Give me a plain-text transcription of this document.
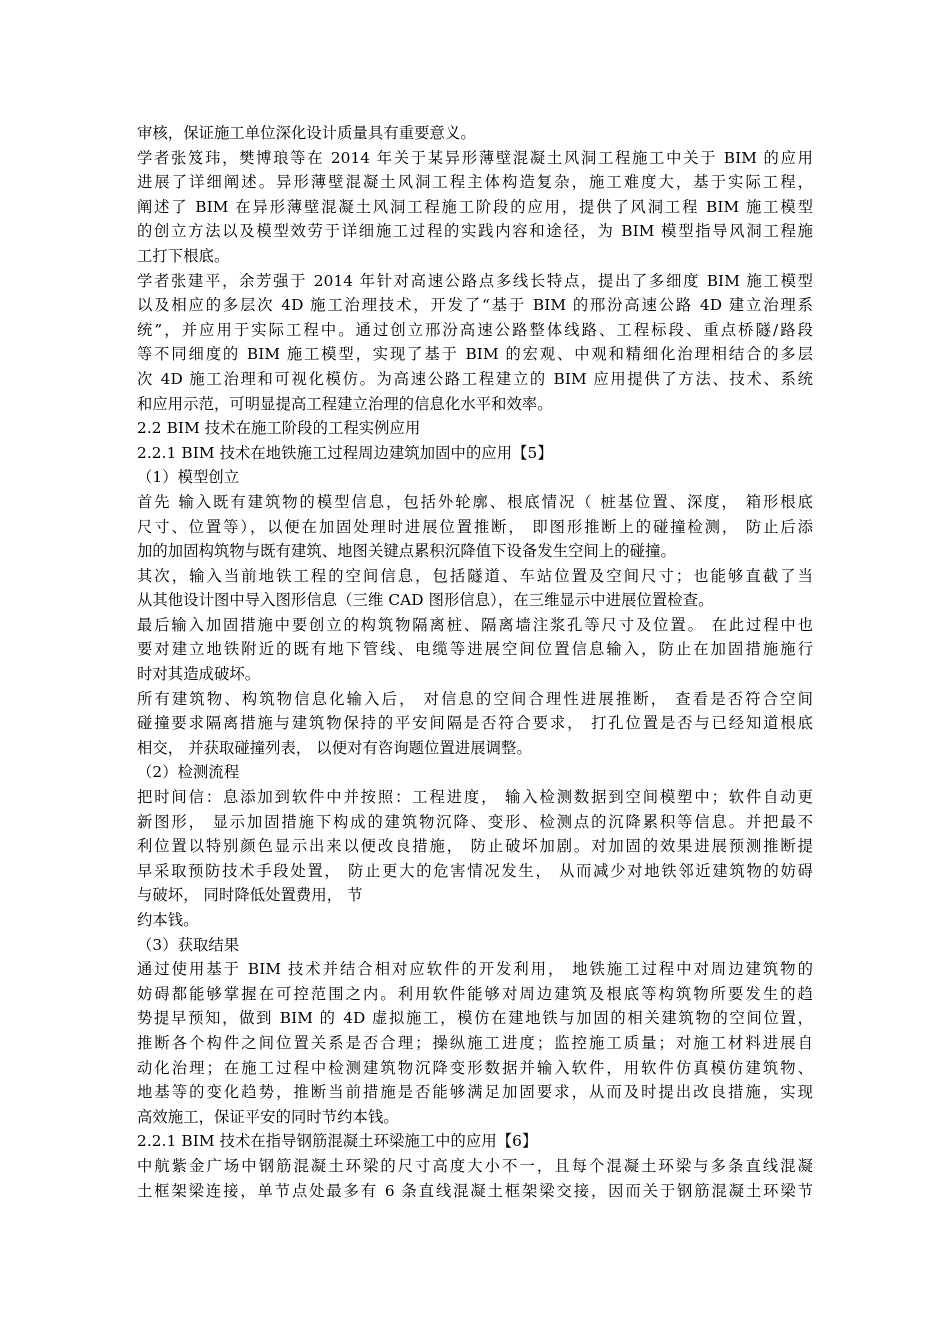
审核，保证施工单位深化设计质量具有重要意义。
学者张笈玮，樊博琅等在 2014 年关于某异形薄壁混凝土风洞工程施工中关于 BIM 的应用
进展了详细阐述。异形薄壁混凝土风洞工程主体构造复杂，施工难度大，基于实际工程，
阐述了 BIM 在异形薄壁混凝土风洞工程施工阶段的应用，提供了风洞工程 BIM 施工模型
的创立方法以及模型效劳于详细施工过程的实践内容和途径，为 BIM 模型指导风洞工程施
工打下根底。
学者张建平，余芳强于 2014 年针对高速公路点多线长特点，提出了多细度 BIM 施工模型
以及相应的多层次 4D 施工治理技术，开发了“基于 BIM 的邢汾高速公路 4D 建立治理系
统”，并应用于实际工程中。通过创立邢汾高速公路整体线路、工程标段、重点桥隧/路段
等不同细度的 BIM 施工模型，实现了基于 BIM 的宏观、中观和精细化治理相结合的多层
次 4D 施工治理和可视化模仿。为高速公路工程建立的 BIM 应用提供了方法、技术、系统
和应用示范，可明显提高工程建立治理的信息化水平和效率。
2.2 BIM 技术在施工阶段的工程实例应用
2.2.1 BIM 技术在地铁施工过程周边建筑加固中的应用【5】
（1）模型创立
首先 输入既有建筑物的模型信息，包括外轮廓、根底情况（ 桩基位置、深度， 箱形根底
尺寸、位置等），以便在加固处理时进展位置推断， 即图形推断上的碰撞检测， 防止后添
加的加固构筑物与既有建筑、地图关键点累积沉降值下设备发生空间上的碰撞。
其次，输入当前地铁工程的空间信息，包括隧道、车站位置及空间尺寸；也能够直截了当
从其他设计图中导入图形信息（三维 CAD 图形信息），在三维显示中进展位置检查。
最后输入加固措施中要创立的构筑物隔离桩、隔离墙注浆孔等尺寸及位置。 在此过程中也
要对建立地铁附近的既有地下管线、电缆等进展空间位置信息输入，防止在加固措施施行
时对其造成破坏。
所有建筑物、构筑物信息化输入后， 对信息的空间合理性进展推断， 查看是否符合空间
碰撞要求隔离措施与建筑物保持的平安间隔是否符合要求， 打孔位置是否与已经知道根底
相交， 并获取碰撞列表， 以便对有咨询题位置进展调整。
（2）检测流程
把时间信：息添加到软件中并按照：工程进度， 输入检测数据到空间模塑中；软件自动更
新图形， 显示加固措施下构成的建筑物沉降、变形、检测点的沉降累积等信息。并把最不
利位置以特别颜色显示出来以便改良措施， 防止破坏加剧。对加固的效果进展预测推断提
早采取预防技术手段处置， 防止更大的危害情况发生， 从而减少对地铁邻近建筑物的妨碍
与破坏， 同时降低处置费用， 节
约本钱。
（3）获取结果
通过使用基于 BIM 技术并结合相对应软件的开发利用， 地铁施工过程中对周边建筑物的
妨碍都能够掌握在可控范围之内。利用软件能够对周边建筑及根底等构筑物所要发生的趋
势提早预知，做到 BIM 的 4D 虚拟施工，模仿在建地铁与加固的相关建筑物的空间位置，
推断各个构件之间位置关系是否合理；操纵施工进度；监控施工质量；对施工材料进展自
动化治理；在施工过程中检测建筑物沉降变形数据并输入软件，用软件仿真模仿建筑物、
地基等的变化趋势，推断当前措施是否能够满足加固要求，从而及时提出改良措施，实现
高效施工，保证平安的同时节约本钱。
2.2.1 BIM 技术在指导钢筋混凝土环梁施工中的应用【6】
中航紫金广场中钢筋混凝土环梁的尺寸高度大小不一，且每个混凝土环梁与多条直线混凝
土框架梁连接，单节点处最多有 6 条直线混凝土框架梁交接，因而关于钢筋混凝土环梁节
